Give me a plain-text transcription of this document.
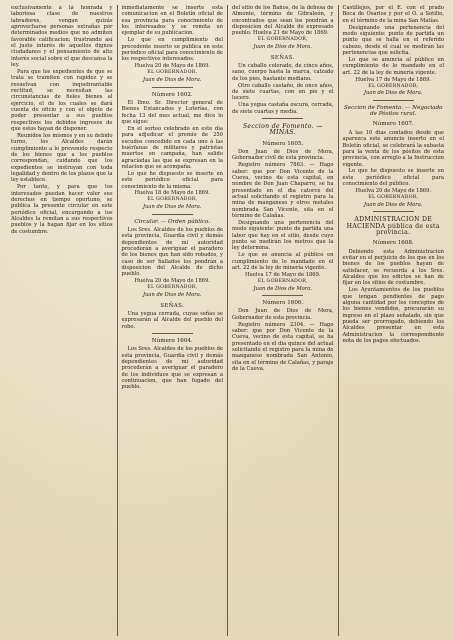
exclusivamente á la honrada y laboriosa clase de nuestros labradores, vengan quizás aprovecharse personas extrañas por determinados medios que no admiten favorable calificacion; frustrando así el justo interés de aquellos dignos ciudadanos y el pensamiento de alto interés social sobre el que descansa la ley.

Para que los expedientes de que se trata se tramiten con rapidez y se resuelvan con inquebrantable rectitud, se necesitan las circunstancias de fieles bienes al ejercicio, el de los cuales se dará cuenta de oficio y con el objeto de poder presentar a sus pueblos respectivos los debidos ingresos de que estos hayan de disponer.

Reunidos los mismos y en su debido turno, los Alcaldes darán cumplimiento a lo prevenido respecto de los bienes que a los pueblos correspondan, cuidando que los expedientes se instruyan con toda legalidad y dentro de los plazos que la ley establece.

Por tanto, y para que los interesados puedan hacer valer sus derechos en tiempo oportuno, se publica la presente circular en este periódico oficial, encargando a los Alcaldes la remitan a sus respectivos pueblos y la hagan fijar en los sitios de costumbre.

inmediatamente se inserte esta comunicacion en el Boletín oficial de esa provincia para conocimiento de los interesados y se remita un ejemplar de su publicacion.

Lo que en cumplimiento del precedente inserto se publica en este periódico oficial para conocimiento de los respectivos interesados.

Huelva 20 de Mayo de 1869.

EL GOBERNADOR,

Juan de Dios de Mora.

Número 1602.

El Ilmo. Sr. Director general de Bienes Estancados y Loterías, con fecha 13 del mes actual, me dice lo que sigue:

En el sorteo celebrado en este dia para adjudicar el premio de 250 escudos concedido en cada uno á las huérfanas de militares y patriotas muertos en campaña, han salido agraciadas las que se expresan en la relacion que se acompaña.

Lo que he dispuesto se inserte en este periódico oficial para conocimiento de la misma.

Huelva 18 de Mayo de 1869.

EL GOBERNADOR,

Juan de Dios de Mora.

Circular. — Orden público.

Los Sres. Alcaldes de los pueblos de esta provincia, Guardia civil y demás dependientes de mi autoridad procederán a averiguar el paradero de los bienes que han sido robados, y caso de ser hallados los pondrán a disposicion del Alcalde de dicho pueblo.

Huelva 20 de Mayo de 1869.

EL GOBERNADOR,

Juan de Dios de Mora.

SEÑAS.

Una yegua cerrada, cuyas señas se expresarán al Alcalde del pueblo del robo.

Número 1604.

Los Sres. Alcaldes de los pueblos de esta provincia, Guardia civil y demás dependientes de mi autoridad procederán a averiguar el paradero de los individuos que se expresan a continuacion, que han fugado del pueblo.

del sitio de los Baños, de la dehesa de Almonte, término de Gibraleón, y encontrados que sean los pondrán a disposicion del Alcalde de expresado pueblo. Huelva 21 de Mayo de 1869.

EL GOBERNADOR,

Juan de Dios de Mora.

SEÑAS.

Un caballo colorado, de cinco años, sano, cuerpo hasta la marca, calzado de los pies, bastante mediano.

Otro caballo castaño, de once años, de siete cuartas, con un pie y el lucero.

Una yegua castaña oscura, cerrada, de siete cuartas y media.

Seccion de Fomento. — MINAS.

Número 1605.

Don Juan de Dios de Mora, Gobernador civil de esta provincia.

Registro número 7863. — Hago saber: que por Don Vicente de la Cueva, vecino de esta capital, en nombre de Don Juan Chaparro, se ha presentado en el dia catorce del actual solicitando el registro para la mina de manganeso y otros metales nombrada San Vicente, sita en el término de Calañas.

Designando una pertenencia del modo siguiente: punto de partida una labor que hay en el sitio, desde cuyo punto se medirán los metros que la ley determina.

Lo que se anuncia al público en cumplimiento de lo mandado en el art. 22 de la ley de minería vigente.

Huelva 17 de Mayo de 1869.

EL GOBERNADOR,

Juan de Dios de Mora.

Número 1606.

Don Juan de Dios de Mora, Gobernador de esta provincia.

Registro número 2304. — Hago saber: que por Don Vicente de la Cueva, vecino de esta capital, se ha presentado en el dia quince del actual solicitando el registro para la mina de manganeso nombrada San Antonio, sita en el término de Calañas, y paraje de la Cueva.

Castillejos, por el E. con el prado Boca de Osarios y por el O. a Sotillo, en el término de la mina San Matías.

Designando una pertenencia del modo siguiente: punto de partida un punto que se halla en el referido cabezo, desde el cual se medirán las pertenencias que solicita.

Lo que se anuncia al público en cumplimiento de lo mandado en el art. 22 de la ley de minería vigente.

Huelva 17 de Mayo de 1869.

EL GOBERNADOR,

Juan de Dios de Mora.

Seccion de Fomento. — Negociado de Pósitos rural.

Número 1607.

A las 10 dias contados desde que aparezca este anuncio inserto en el Boletín oficial, se celebrará la subasta para la venta de los pósitos de esta provincia, con arreglo a la Instruccion vigente.

Lo que he dispuesto se inserte en este periódico oficial para conocimiento del público.

Huelva 20 de Mayo de 1869.

EL GOBERNADOR,

Juan de Dios de Mora.

ADMINISTRACION DE HACIENDA pública de esta provincia.

Número 1608.

Debiendo esta Administracion evitar en el perjuicio de los que en los bienes de los pueblos hayan de satisfacer, se recuerda a los Sres. Alcaldes que los edictos se han de fijar en los sitios de costumbre.

Los Ayuntamientos de los pueblos que tengan pendientes de pago alguna cantidad por los conceptos de los bienes vendidos, procurarán su ingreso en el plazo señalado, sin que pueda ser prorrogado, debiendo los Alcaldes presentar en esta Administracion la correspondiente nota de los pagos efectuados.
